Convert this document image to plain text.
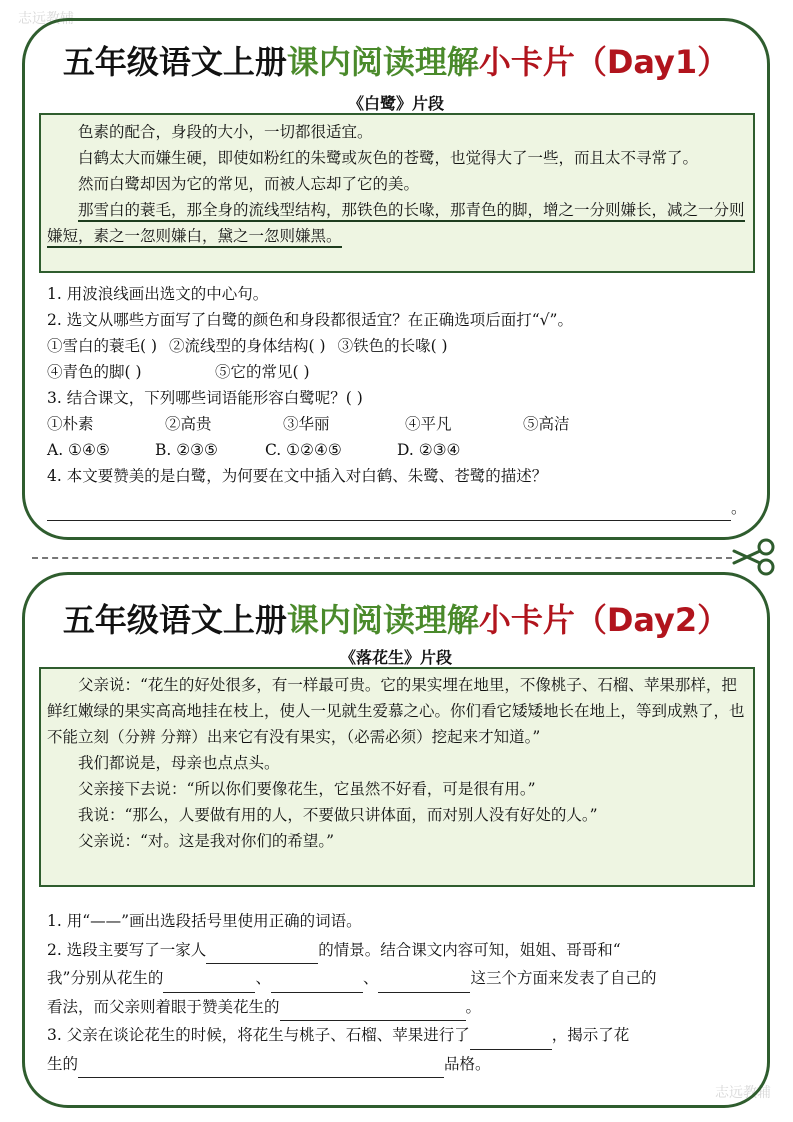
志远教辅
志远教辅
五年级语文上册课内阅读理解小卡片（Day1）
《白鹭》片段

色素的配合，身段的大小，一切都很适宜。

白鹤太大而嫌生硬，即使如粉红的朱鹭或灰色的苍鹭，也觉得大了一些，而且太不寻常了。

然而白鹭却因为它的常见，而被人忘却了它的美。

那雪白的蓑毛，那全身的流线型结构，那铁色的长喙，那青色的脚，增之一分则嫌长，减之一分则嫌短，素之一忽则嫌白，黛之一忽则嫌黑。

1. 用波浪线画出选文的中心句。
2. 选文从哪些方面写了白鹭的颜色和身段都很适宜？在正确选项后面打“√”。
①雪白的蓑毛( ) ②流线型的身体结构( ) ③铁色的长喙( )
④青色的脚( )	⑤它的常见( )
3. 结合课文，下列哪些词语能形容白鹭呢？( )
①朴素	②高贵	③华丽	④平凡	⑤高洁
A. ①④⑤	B. ②③⑤	C. ①②④⑤	D. ②③④
4. 本文要赞美的是白鹭，为何要在文中插入对白鹤、朱鹭、苍鹭的描述？
。
五年级语文上册课内阅读理解小卡片（Day2）
《落花生》片段

父亲说：“花生的好处很多，有一样最可贵。它的果实埋在地里，不像桃子、石榴、苹果那样，把鲜红嫩绿的果实高高地挂在枝上，使人一见就生爱慕之心。你们看它矮矮地长在地上，等到成熟了，也不能立刻（分辨 分辩）出来它有没有果实，（必需必须）挖起来才知道。”

我们都说是，母亲也点点头。

父亲接下去说：“所以你们要像花生，它虽然不好看，可是很有用。”

我说：“那么，人要做有用的人，不要做只讲体面，而对别人没有好处的人。”

父亲说：“对。这是我对你们的希望。”

1. 用“——”画出选段括号里使用正确的词语。
2. 选段主要写了一家人	的情景。结合课文内容可知，姐姐、哥哥和“
我”分别从花生的	、	、	这三个方面来发表了自己的
看法，而父亲则着眼于赞美花生的	。
3. 父亲在谈论花生的时候，将花生与桃子、石榴、苹果进行了	，揭示了花
生的	品格。
